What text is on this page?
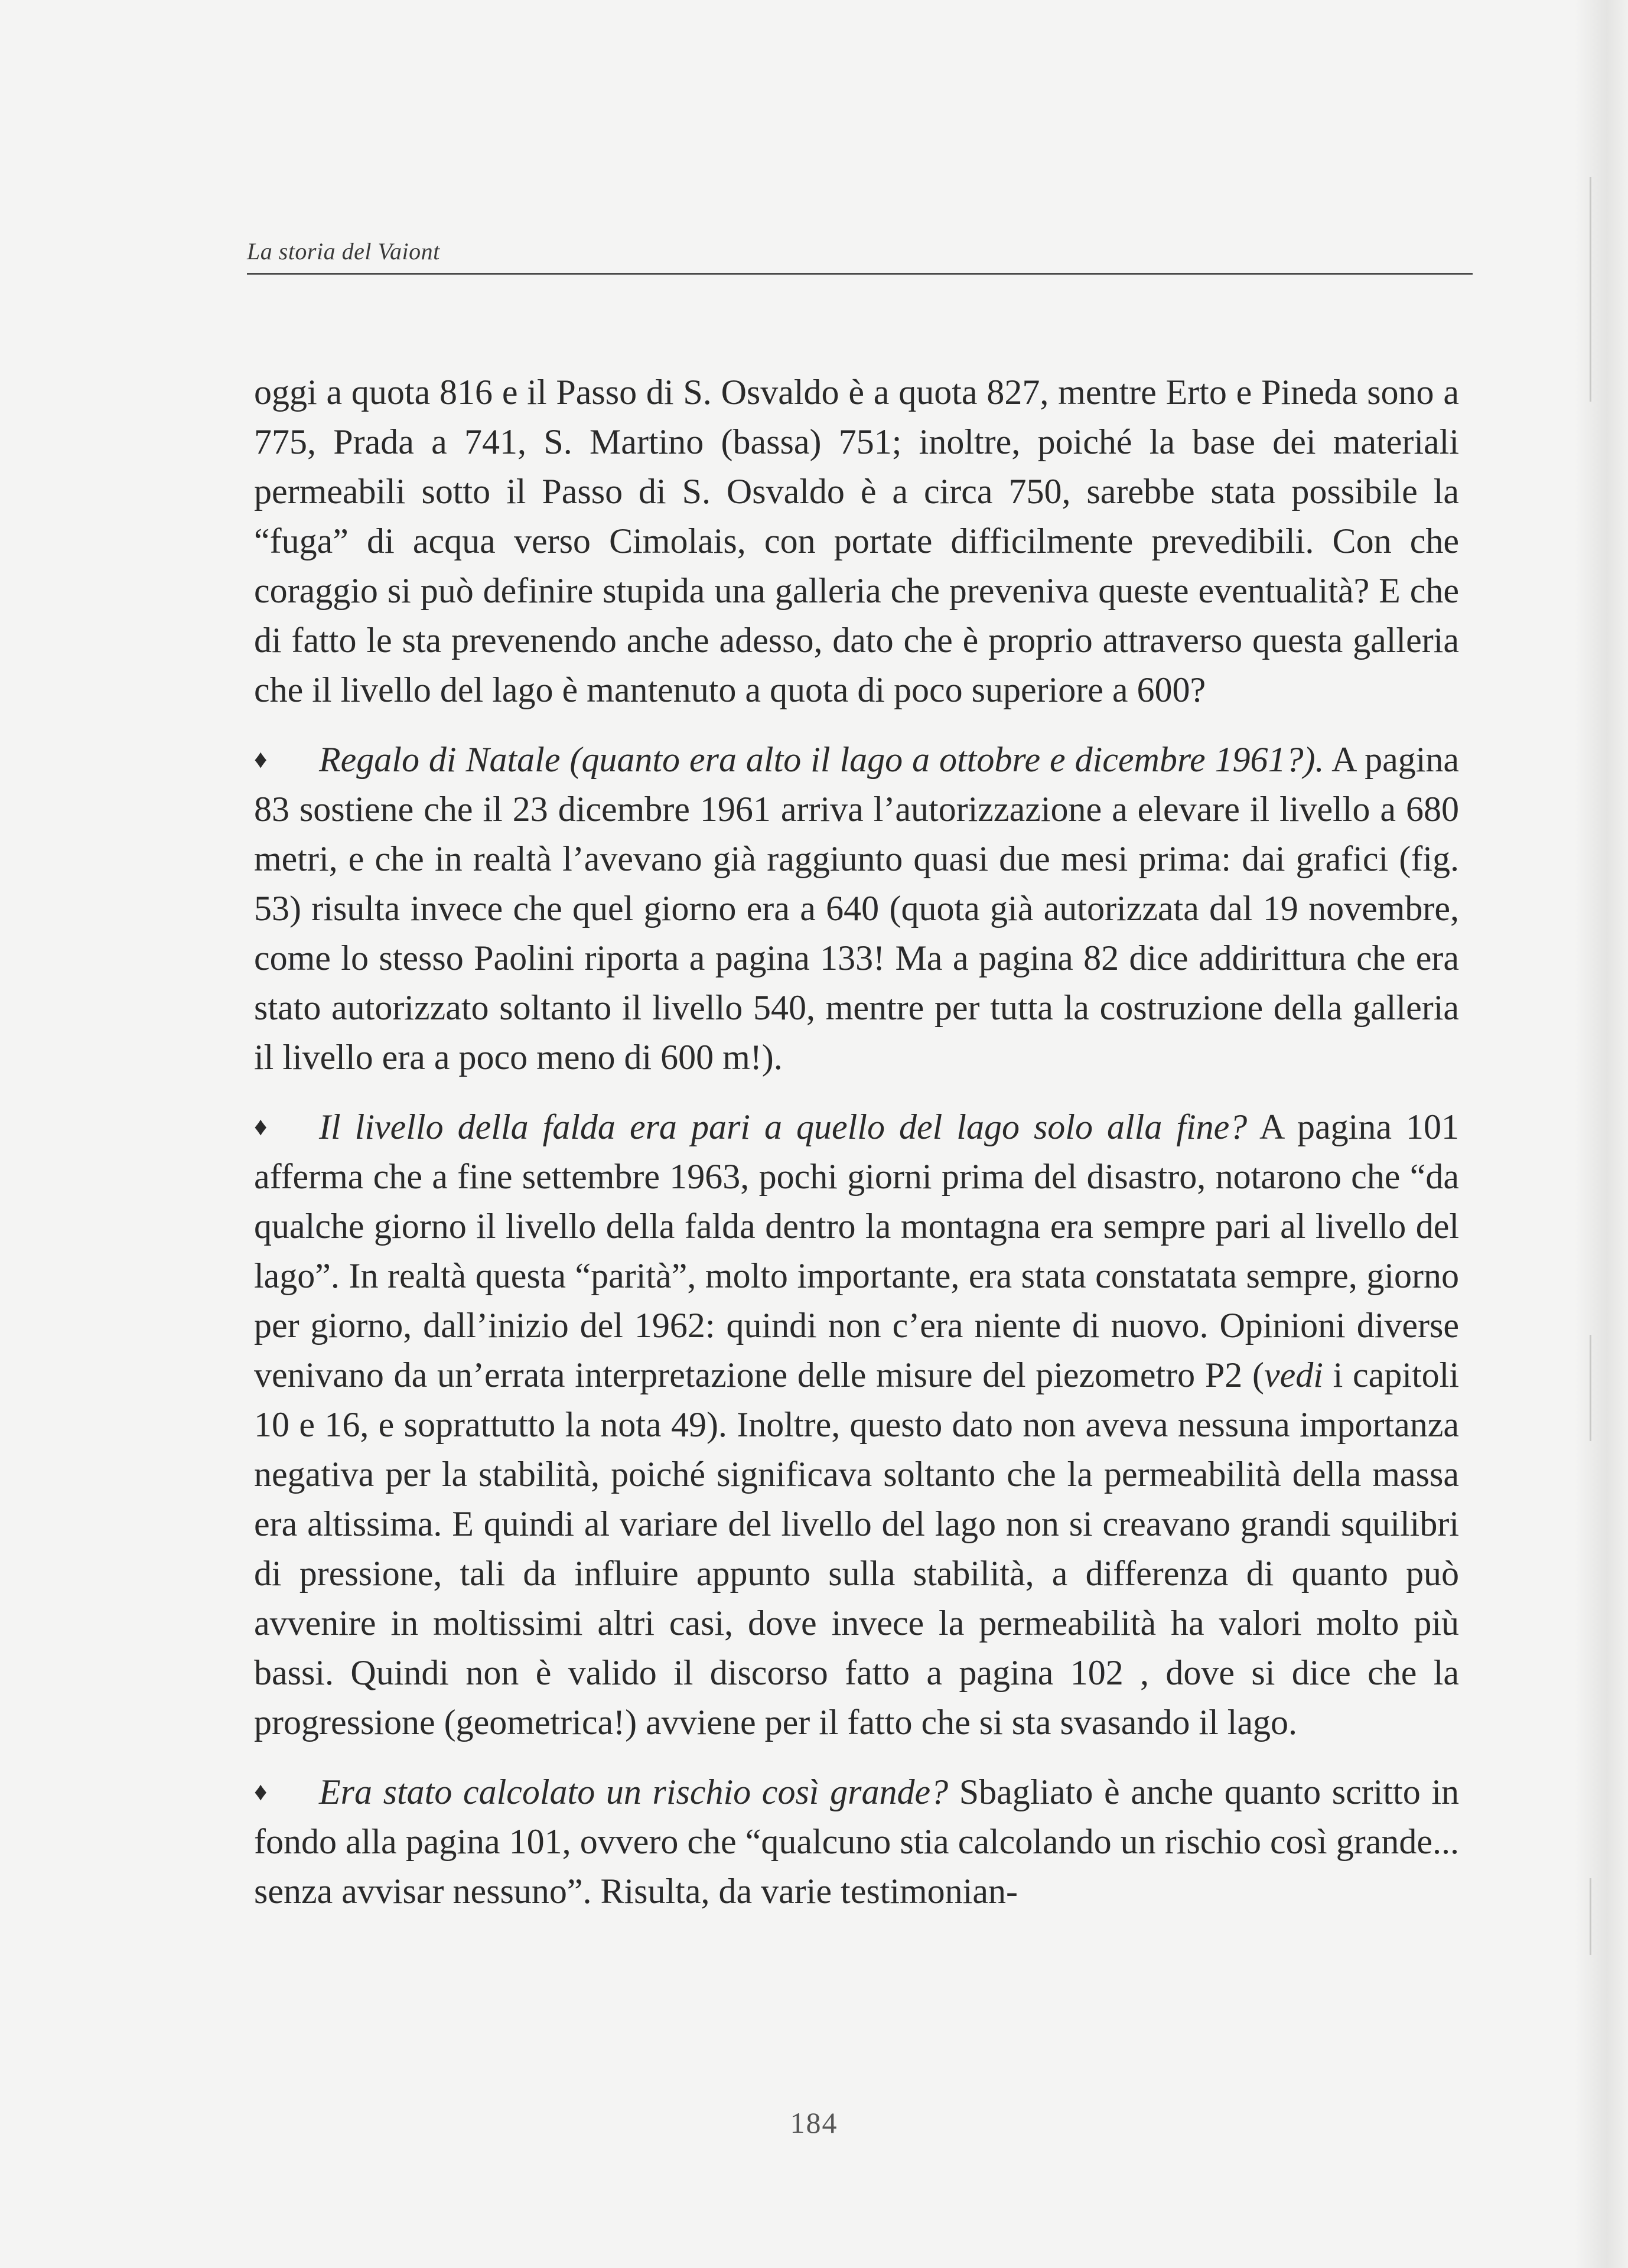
La storia del Vaiont

oggi a quota 816 e il Passo di S. Osvaldo è a quota 827, mentre Erto e Pineda sono a 775, Prada a 741, S. Martino (bassa) 751; inoltre, poiché la base dei materiali permeabili sotto il Passo di S. Osvaldo è a circa 750, sarebbe stata possibile la “fuga” di acqua verso Cimolais, con portate difficilmente prevedibili. Con che coraggio si può definire stupida una galleria che preveniva queste eventualità? E che di fatto le sta prevenendo anche adesso, dato che è proprio attraverso questa galleria che il livello del lago è mantenuto a quota di poco superiore a 600?

♦ Regalo di Natale (quanto era alto il lago a ottobre e dicembre 1961?). A pagina 83 sostiene che il 23 dicembre 1961 arriva l’autorizzazione a elevare il livello a 680 metri, e che in realtà l’avevano già raggiunto quasi due mesi prima: dai grafici (fig. 53) risulta invece che quel giorno era a 640 (quota già autorizzata dal 19 novembre, come lo stesso Paolini riporta a pagina 133! Ma a pagina 82 dice addirittura che era stato autorizzato soltanto il livello 540, mentre per tutta la costruzione della galleria il livello era a poco meno di 600 m!).

♦ Il livello della falda era pari a quello del lago solo alla fine? A pagina 101 afferma che a fine settembre 1963, pochi giorni prima del disastro, notarono che “da qualche giorno il livello della falda dentro la montagna era sempre pari al livello del lago”. In realtà questa “parità”, molto importante, era stata constatata sempre, giorno per giorno, dall’inizio del 1962: quindi non c’era niente di nuovo. Opinioni diverse venivano da un’errata interpretazione delle misure del piezometro P2 (vedi i capitoli 10 e 16, e soprattutto la nota 49). Inoltre, questo dato non aveva nessuna importanza negativa per la stabilità, poiché significava soltanto che la permeabilità della massa era altissima. E quindi al variare del livello del lago non si creavano grandi squilibri di pressione, tali da influire appunto sulla stabilità, a differenza di quanto può avvenire in moltissimi altri casi, dove invece la permeabilità ha valori molto più bassi. Quindi non è valido il discorso fatto a pagina 102 , dove si dice che la progressione (geometrica!) avviene per il fatto che si sta svasando il lago.

♦ Era stato calcolato un rischio così grande? Sbagliato è anche quanto scritto in fondo alla pagina 101, ovvero che “qualcuno stia calcolando un rischio così grande... senza avvisar nessuno”. Risulta, da varie testimonian-

184
